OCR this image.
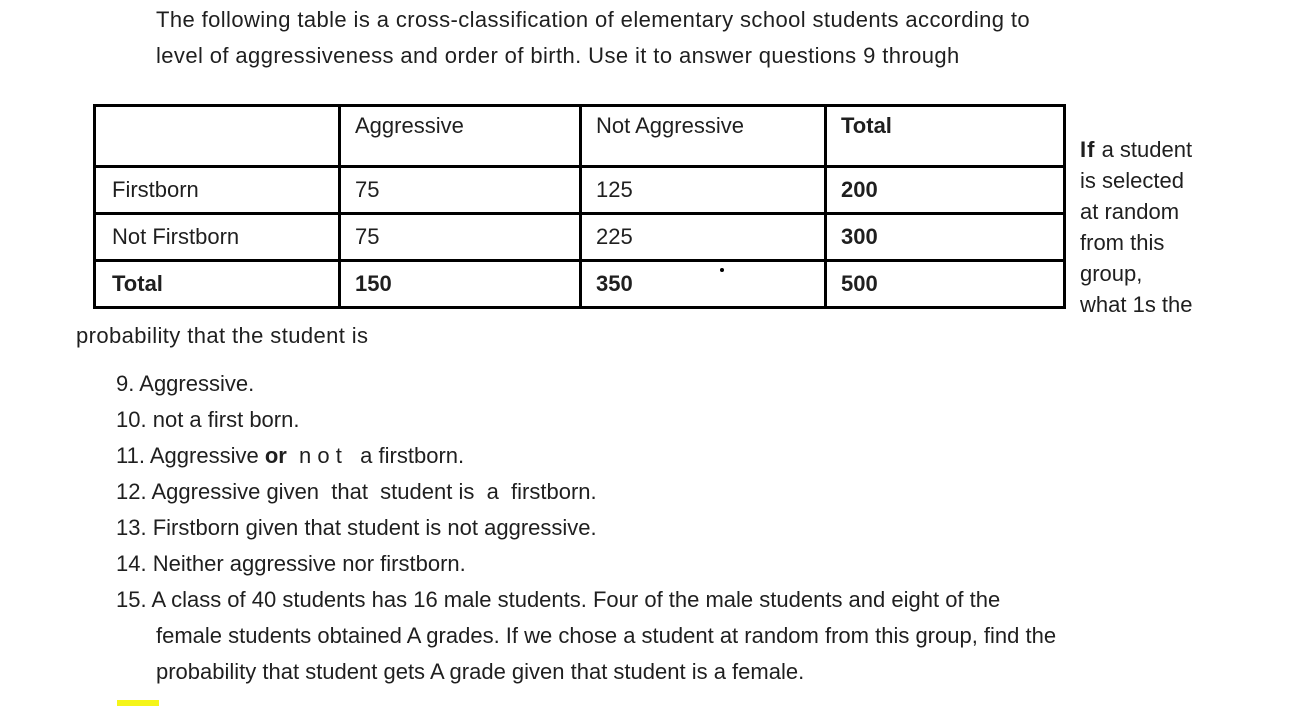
The following table is a cross-classification of elementary school students according to
level of aggressiveness and order of birth. Use it to answer questions 9 through

	Aggressive	Not Aggressive	Total
Firstborn	75	125	200
Not Firstborn	75	225	300
Total	150	350	500

If a student
is selected
at random
from this
group,
what 1s the

probability that the student is
9. Aggressive.
10. not a first born.
11. Aggressive or  n o t   a firstborn.
12. Aggressive given  that  student is  a  firstborn.
13. Firstborn given that student is not aggressive.
14. Neither aggressive nor firstborn.
15. A class of 40 students has 16 male students. Four of the male students and eight of the
female students obtained A grades. If we chose a student at random from this group, find the
probability that student gets A grade given that student is a female.
